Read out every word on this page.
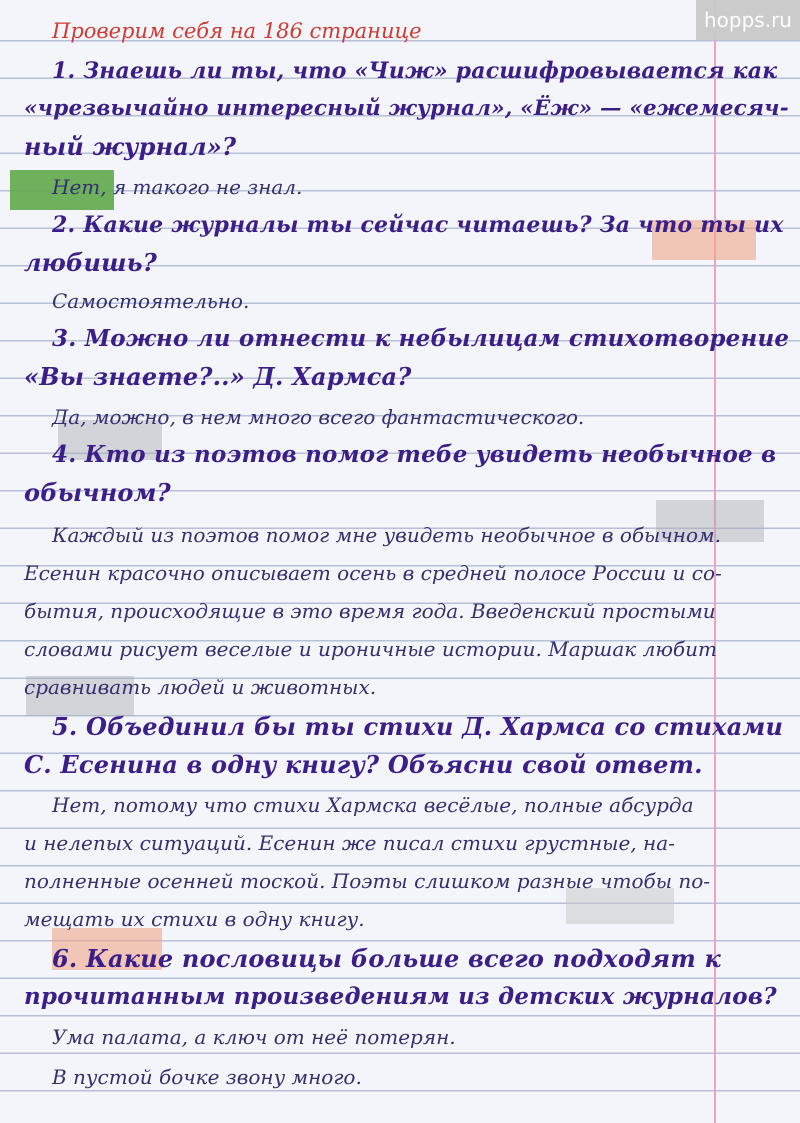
hopps.ru
Проверим себя на 186 странице
1. Знаешь ли ты, что «Чиж» расшифровывается как
«чрезвычайно интересный журнал», «Ёж» — «ежемесяч-
ный журнал»?
Нет, я такого не знал.
2. Какие журналы ты сейчас читаешь? За что ты их
любишь?
Самостоятельно.
3. Можно ли отнести к небылицам стихотворение
«Вы знаете?..» Д. Хармса?
Да, можно, в нем много всего фантастического.
4. Кто из поэтов помог тебе увидеть необычное в
обычном?
Каждый из поэтов помог мне увидеть необычное в обычном.
Есенин красочно описывает осень в средней полосе России и со-
бытия, происходящие в это время года. Введенский простыми
словами рисует веселые и ироничные истории. Маршак любит
сравнивать людей и животных.
5. Объединил бы ты стихи Д. Хармса со стихами
С. Есенина в одну книгу? Объясни свой ответ.
Нет, потому что стихи Хармска весёлые, полные абсурда
и нелепых ситуаций. Есенин же писал стихи грустные, на-
полненные осенней тоской. Поэты слишком разные чтобы по-
мещать их стихи в одну книгу.
6. Какие пословицы больше всего подходят к
прочитанным произведениям из детских журналов?
Ума палата, а ключ от неё потерян.
В пустой бочке звону много.
